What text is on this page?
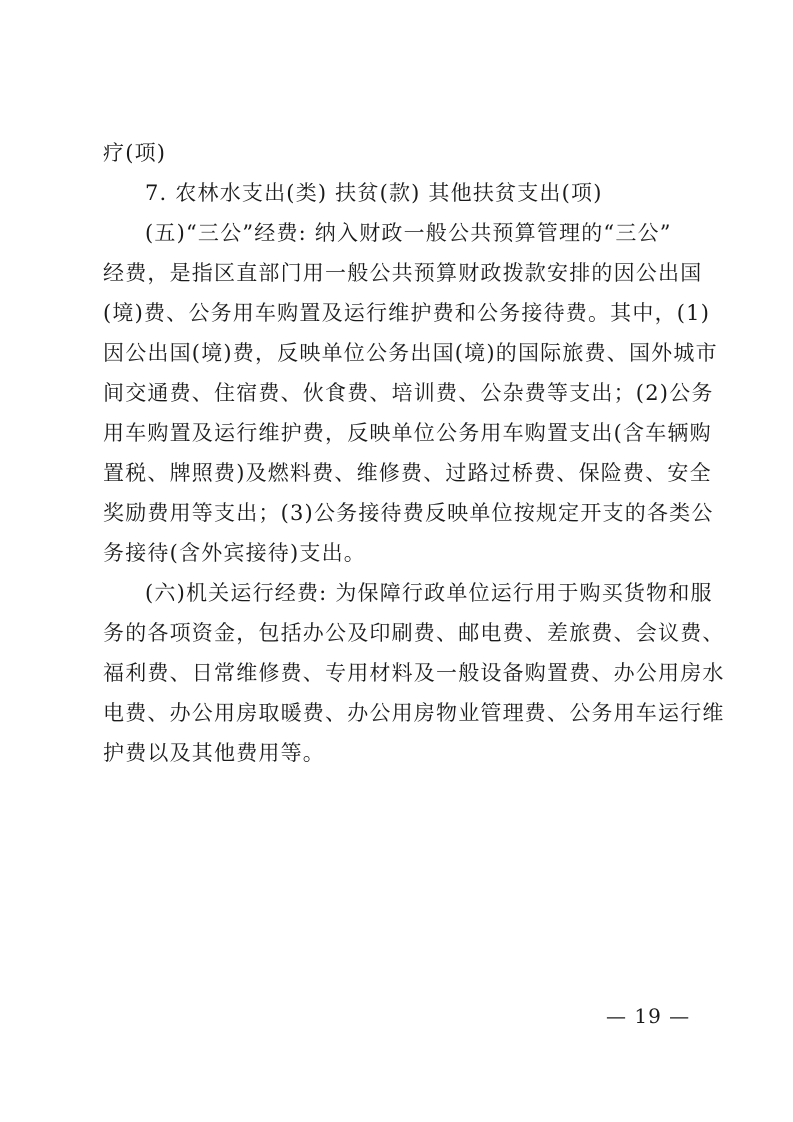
疗(项)
7. 农林水支出(类) 扶贫(款) 其他扶贫支出(项)
(五)“三公”经费: 纳入财政一般公共预算管理的“三公”
经费，是指区直部门用一般公共预算财政拨款安排的因公出国
(境)费、公务用车购置及运行维护费和公务接待费。其中，(1)
因公出国(境)费，反映单位公务出国(境)的国际旅费、国外城市
间交通费、住宿费、伙食费、培训费、公杂费等支出；(2)公务
用车购置及运行维护费，反映单位公务用车购置支出(含车辆购
置税、牌照费)及燃料费、维修费、过路过桥费、保险费、安全
奖励费用等支出；(3)公务接待费反映单位按规定开支的各类公
务接待(含外宾接待)支出。
(六)机关运行经费: 为保障行政单位运行用于购买货物和服
务的各项资金，包括办公及印刷费、邮电费、差旅费、会议费、
福利费、日常维修费、专用材料及一般设备购置费、办公用房水
电费、办公用房取暖费、办公用房物业管理费、公务用车运行维
护费以及其他费用等。
— 19 —
